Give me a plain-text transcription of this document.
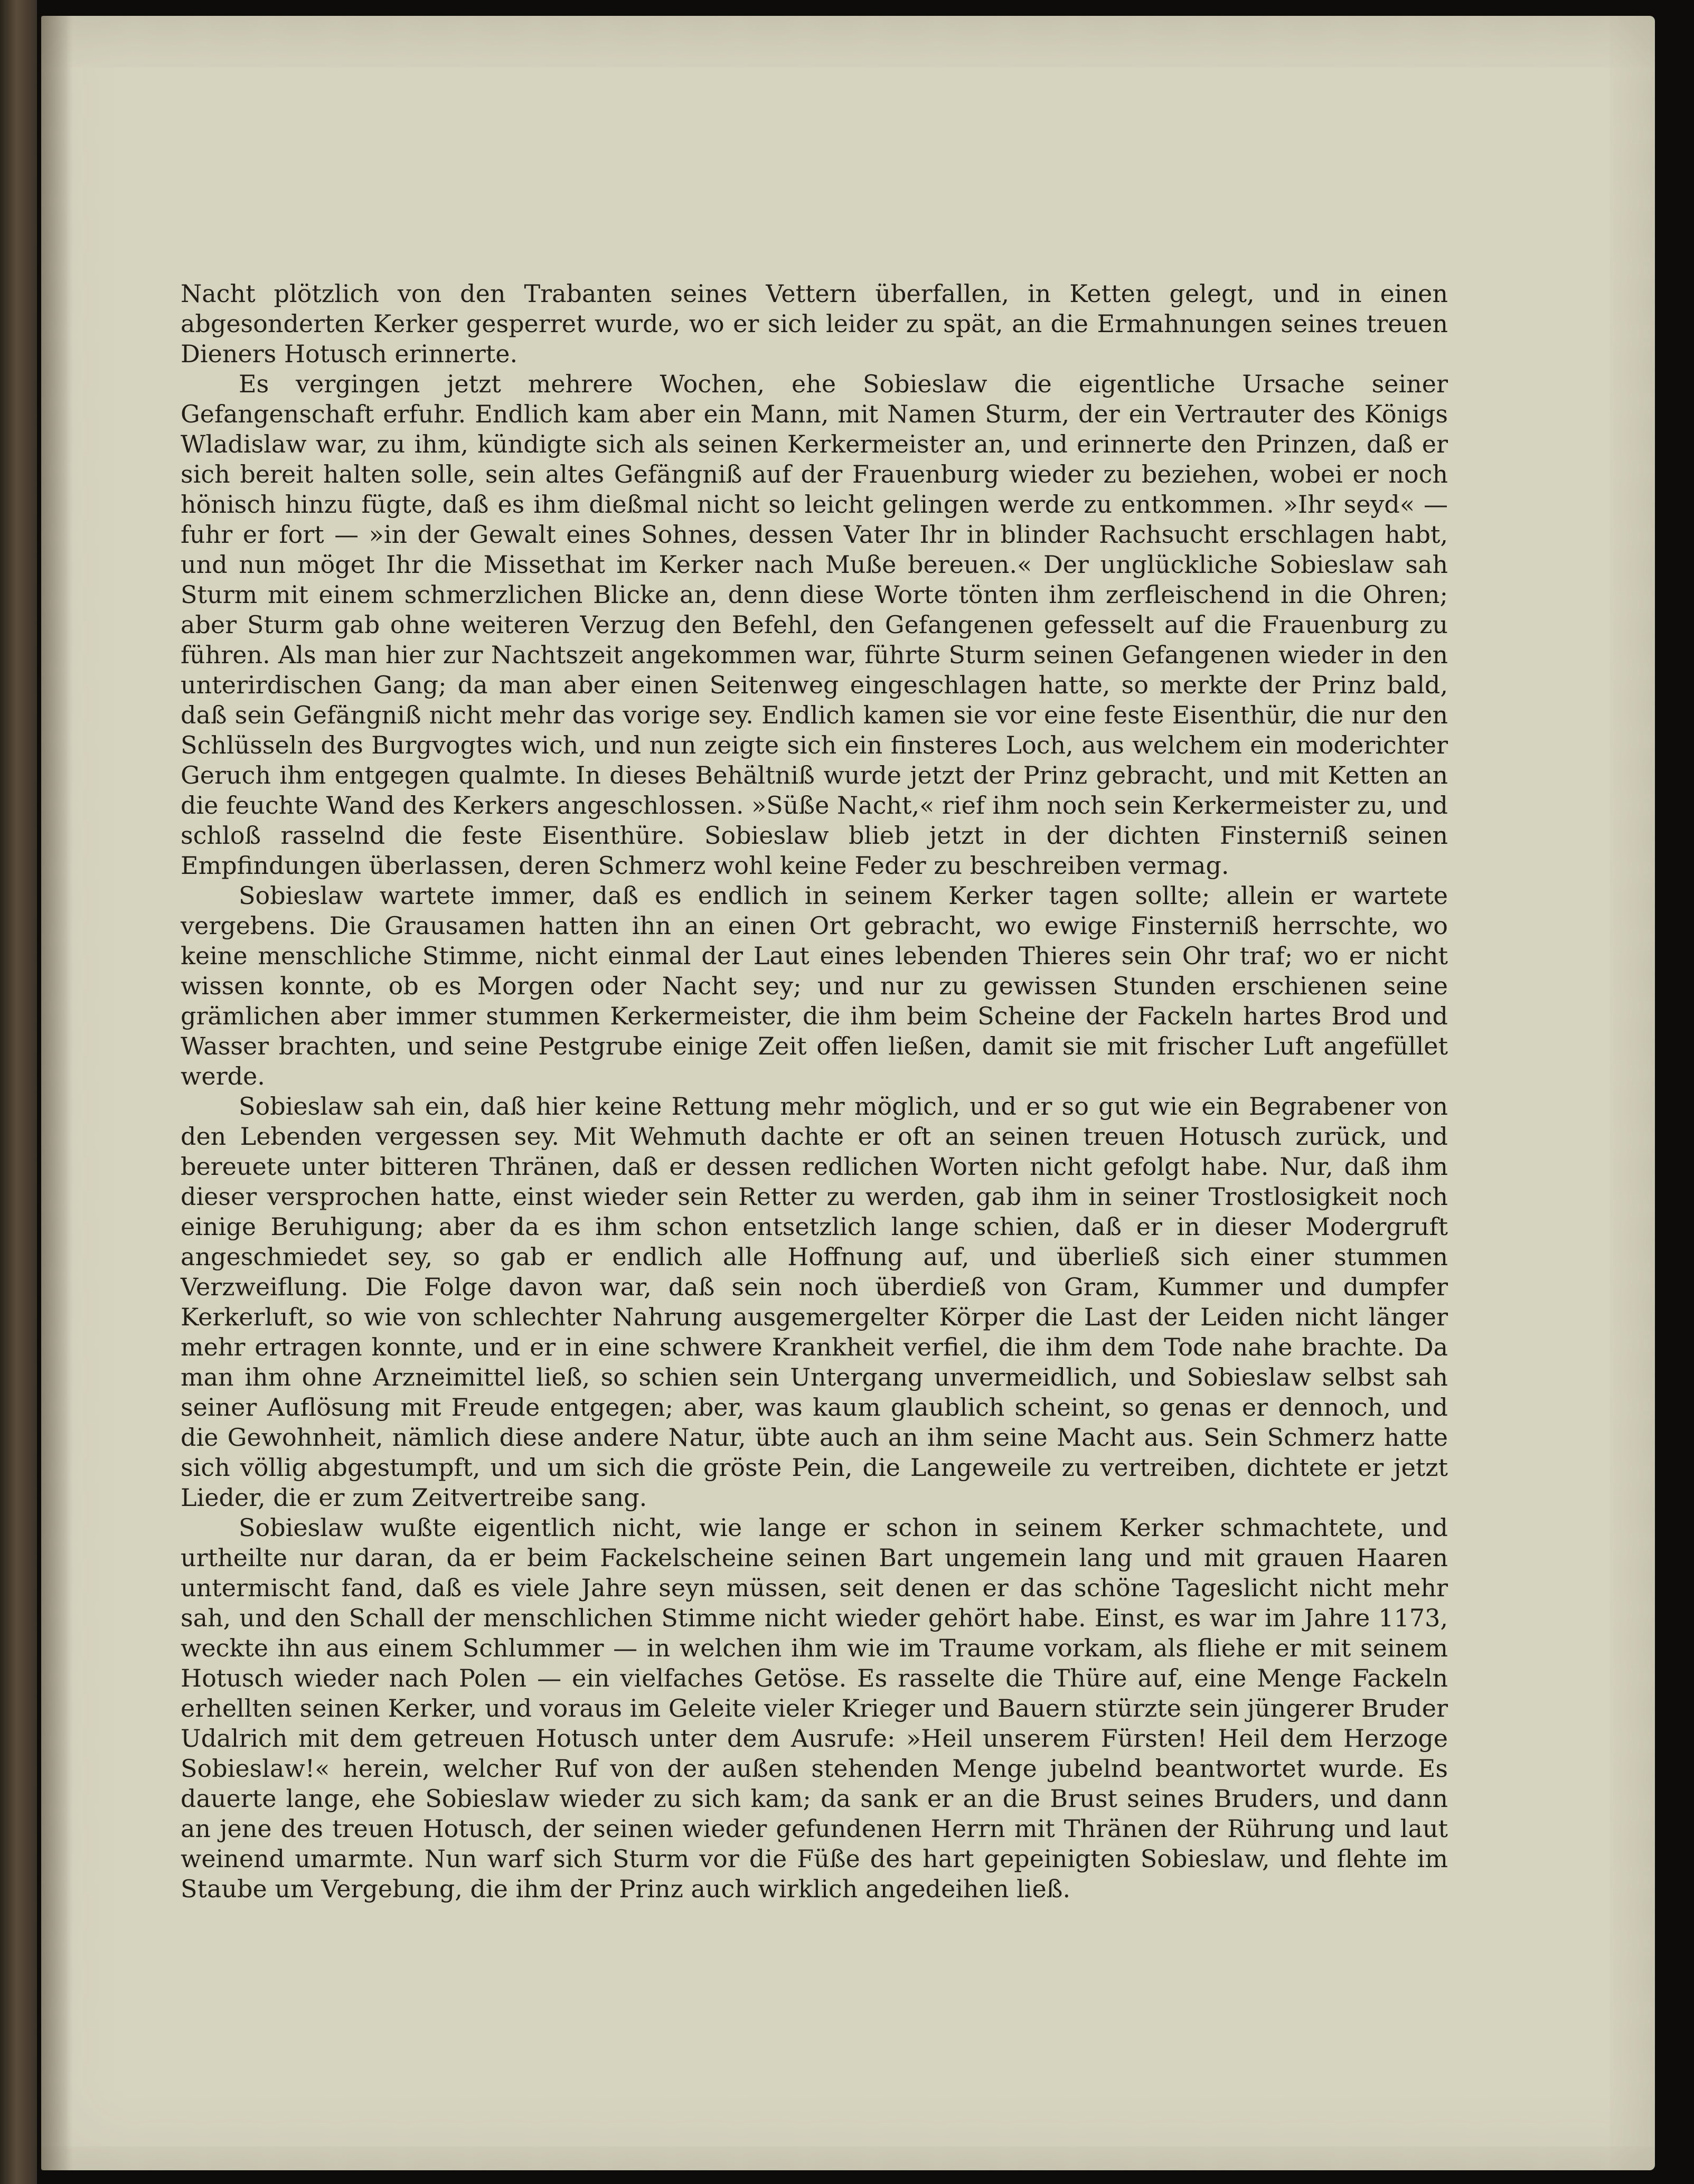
Nacht plötzlich von den Trabanten seines Vettern überfallen, in Ketten gelegt, und in einen abgesonderten Kerker gesperret wurde, wo er sich leider zu spät, an die Ermahnungen seines treuen Dieners Hotusch erinnerte.

Es vergingen jetzt mehrere Wochen, ehe Sobieslaw die eigentliche Ursache seiner Gefangenschaft erfuhr. Endlich kam aber ein Mann, mit Namen Sturm, der ein Vertrauter des Königs Wladislaw war, zu ihm, kündigte sich als seinen Kerkermeister an, und erinnerte den Prinzen, daß er sich bereit halten solle, sein altes Gefängniß auf der Frauenburg wieder zu beziehen, wobei er noch hönisch hinzu fügte, daß es ihm dießmal nicht so leicht gelingen werde zu entkommen. »Ihr seyd« — fuhr er fort — »in der Gewalt eines Sohnes, dessen Vater Ihr in blinder Rachsucht erschlagen habt, und nun möget Ihr die Missethat im Kerker nach Muße bereuen.« Der unglückliche Sobieslaw sah Sturm mit einem schmerzlichen Blicke an, denn diese Worte tönten ihm zerfleischend in die Ohren; aber Sturm gab ohne weiteren Verzug den Befehl, den Gefangenen gefesselt auf die Frauenburg zu führen. Als man hier zur Nachtszeit angekommen war, führte Sturm seinen Gefangenen wieder in den unterirdischen Gang; da man aber einen Seitenweg eingeschlagen hatte, so merkte der Prinz bald, daß sein Gefängniß nicht mehr das vorige sey. Endlich kamen sie vor eine feste Eisenthür, die nur den Schlüsseln des Burgvogtes wich, und nun zeigte sich ein finsteres Loch, aus welchem ein moderichter Geruch ihm entgegen qualmte. In dieses Behältniß wurde jetzt der Prinz gebracht, und mit Ketten an die feuchte Wand des Kerkers angeschlossen. »Süße Nacht,« rief ihm noch sein Kerkermeister zu, und schloß rasselnd die feste Eisenthüre. Sobieslaw blieb jetzt in der dichten Finsterniß seinen Empfindungen überlassen, deren Schmerz wohl keine Feder zu beschreiben vermag.

Sobieslaw wartete immer, daß es endlich in seinem Kerker tagen sollte; allein er wartete vergebens. Die Grausamen hatten ihn an einen Ort gebracht, wo ewige Finsterniß herrschte, wo keine menschliche Stimme, nicht einmal der Laut eines lebenden Thieres sein Ohr traf; wo er nicht wissen konnte, ob es Morgen oder Nacht sey; und nur zu gewissen Stunden erschienen seine grämlichen aber immer stummen Kerkermeister, die ihm beim Scheine der Fackeln hartes Brod und Wasser brachten, und seine Pestgrube einige Zeit offen ließen, damit sie mit frischer Luft angefüllet werde.

Sobieslaw sah ein, daß hier keine Rettung mehr möglich, und er so gut wie ein Begrabener von den Lebenden vergessen sey. Mit Wehmuth dachte er oft an seinen treuen Hotusch zurück, und bereuete unter bitteren Thränen, daß er dessen redlichen Worten nicht gefolgt habe. Nur, daß ihm dieser versprochen hatte, einst wieder sein Retter zu werden, gab ihm in seiner Trostlosigkeit noch einige Beruhigung; aber da es ihm schon entsetzlich lange schien, daß er in dieser Modergruft angeschmiedet sey, so gab er endlich alle Hoffnung auf, und überließ sich einer stummen Verzweiflung. Die Folge davon war, daß sein noch überdieß von Gram, Kummer und dumpfer Kerkerluft, so wie von schlechter Nahrung ausgemergelter Körper die Last der Leiden nicht länger mehr ertragen konnte, und er in eine schwere Krankheit verfiel, die ihm dem Tode nahe brachte. Da man ihm ohne Arzneimittel ließ, so schien sein Untergang unvermeidlich, und Sobieslaw selbst sah seiner Auflösung mit Freude entgegen; aber, was kaum glaublich scheint, so genas er dennoch, und die Gewohnheit, nämlich diese andere Natur, übte auch an ihm seine Macht aus. Sein Schmerz hatte sich völlig abgestumpft, und um sich die gröste Pein, die Langeweile zu vertreiben, dichtete er jetzt Lieder, die er zum Zeitvertreibe sang.

Sobieslaw wußte eigentlich nicht, wie lange er schon in seinem Kerker schmachtete, und urtheilte nur daran, da er beim Fackelscheine seinen Bart ungemein lang und mit grauen Haaren untermischt fand, daß es viele Jahre seyn müssen, seit denen er das schöne Tageslicht nicht mehr sah, und den Schall der menschlichen Stimme nicht wieder gehört habe. Einst, es war im Jahre 1173, weckte ihn aus einem Schlummer — in welchen ihm wie im Traume vorkam, als fliehe er mit seinem Hotusch wieder nach Polen — ein vielfaches Getöse. Es rasselte die Thüre auf, eine Menge Fackeln erhellten seinen Kerker, und voraus im Geleite vieler Krieger und Bauern stürzte sein jüngerer Bruder Udalrich mit dem getreuen Hotusch unter dem Ausrufe: »Heil unserem Fürsten! Heil dem Herzoge Sobieslaw!« herein, welcher Ruf von der außen stehenden Menge jubelnd beantwortet wurde. Es dauerte lange, ehe Sobieslaw wieder zu sich kam; da sank er an die Brust seines Bruders, und dann an jene des treuen Hotusch, der seinen wieder gefundenen Herrn mit Thränen der Rührung und laut weinend umarmte. Nun warf sich Sturm vor die Füße des hart gepeinigten Sobieslaw, und flehte im Staube um Vergebung, die ihm der Prinz auch wirklich angedeihen ließ.
